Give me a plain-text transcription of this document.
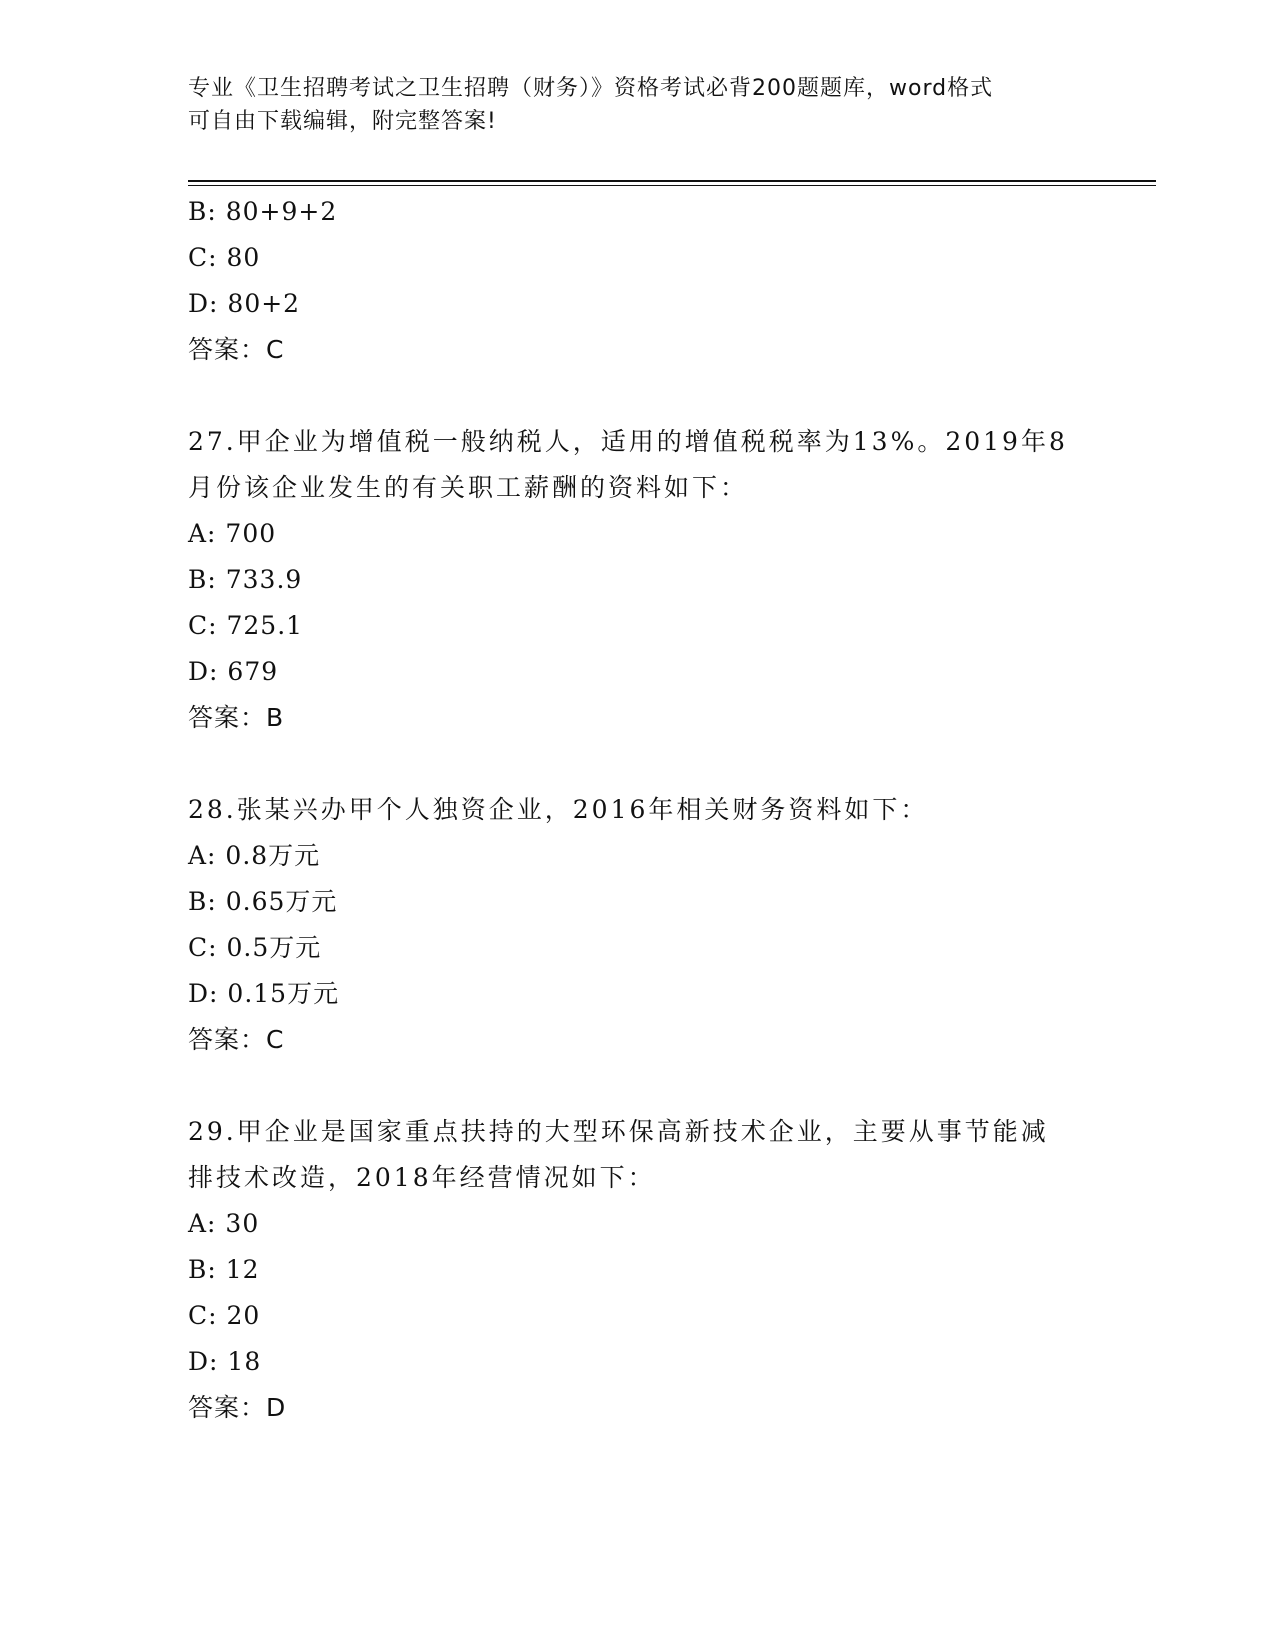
专业《卫生招聘考试之卫生招聘（财务）》资格考试必背200题题库，word格式
可自由下载编辑，附完整答案!
B: 80+9+2
C: 80
D: 80+2
答案：C
27.甲企业为增值税一般纳税人，适用的增值税税率为13%。2019年8
月份该企业发生的有关职工薪酬的资料如下：
A: 700
B: 733.9
C: 725.1
D: 679
答案：B
28.张某兴办甲个人独资企业，2016年相关财务资料如下：
A: 0.8万元
B: 0.65万元
C: 0.5万元
D: 0.15万元
答案：C
29.甲企业是国家重点扶持的大型环保高新技术企业，主要从事节能减
排技术改造，2018年经营情况如下：
A: 30
B: 12
C: 20
D: 18
答案：D
